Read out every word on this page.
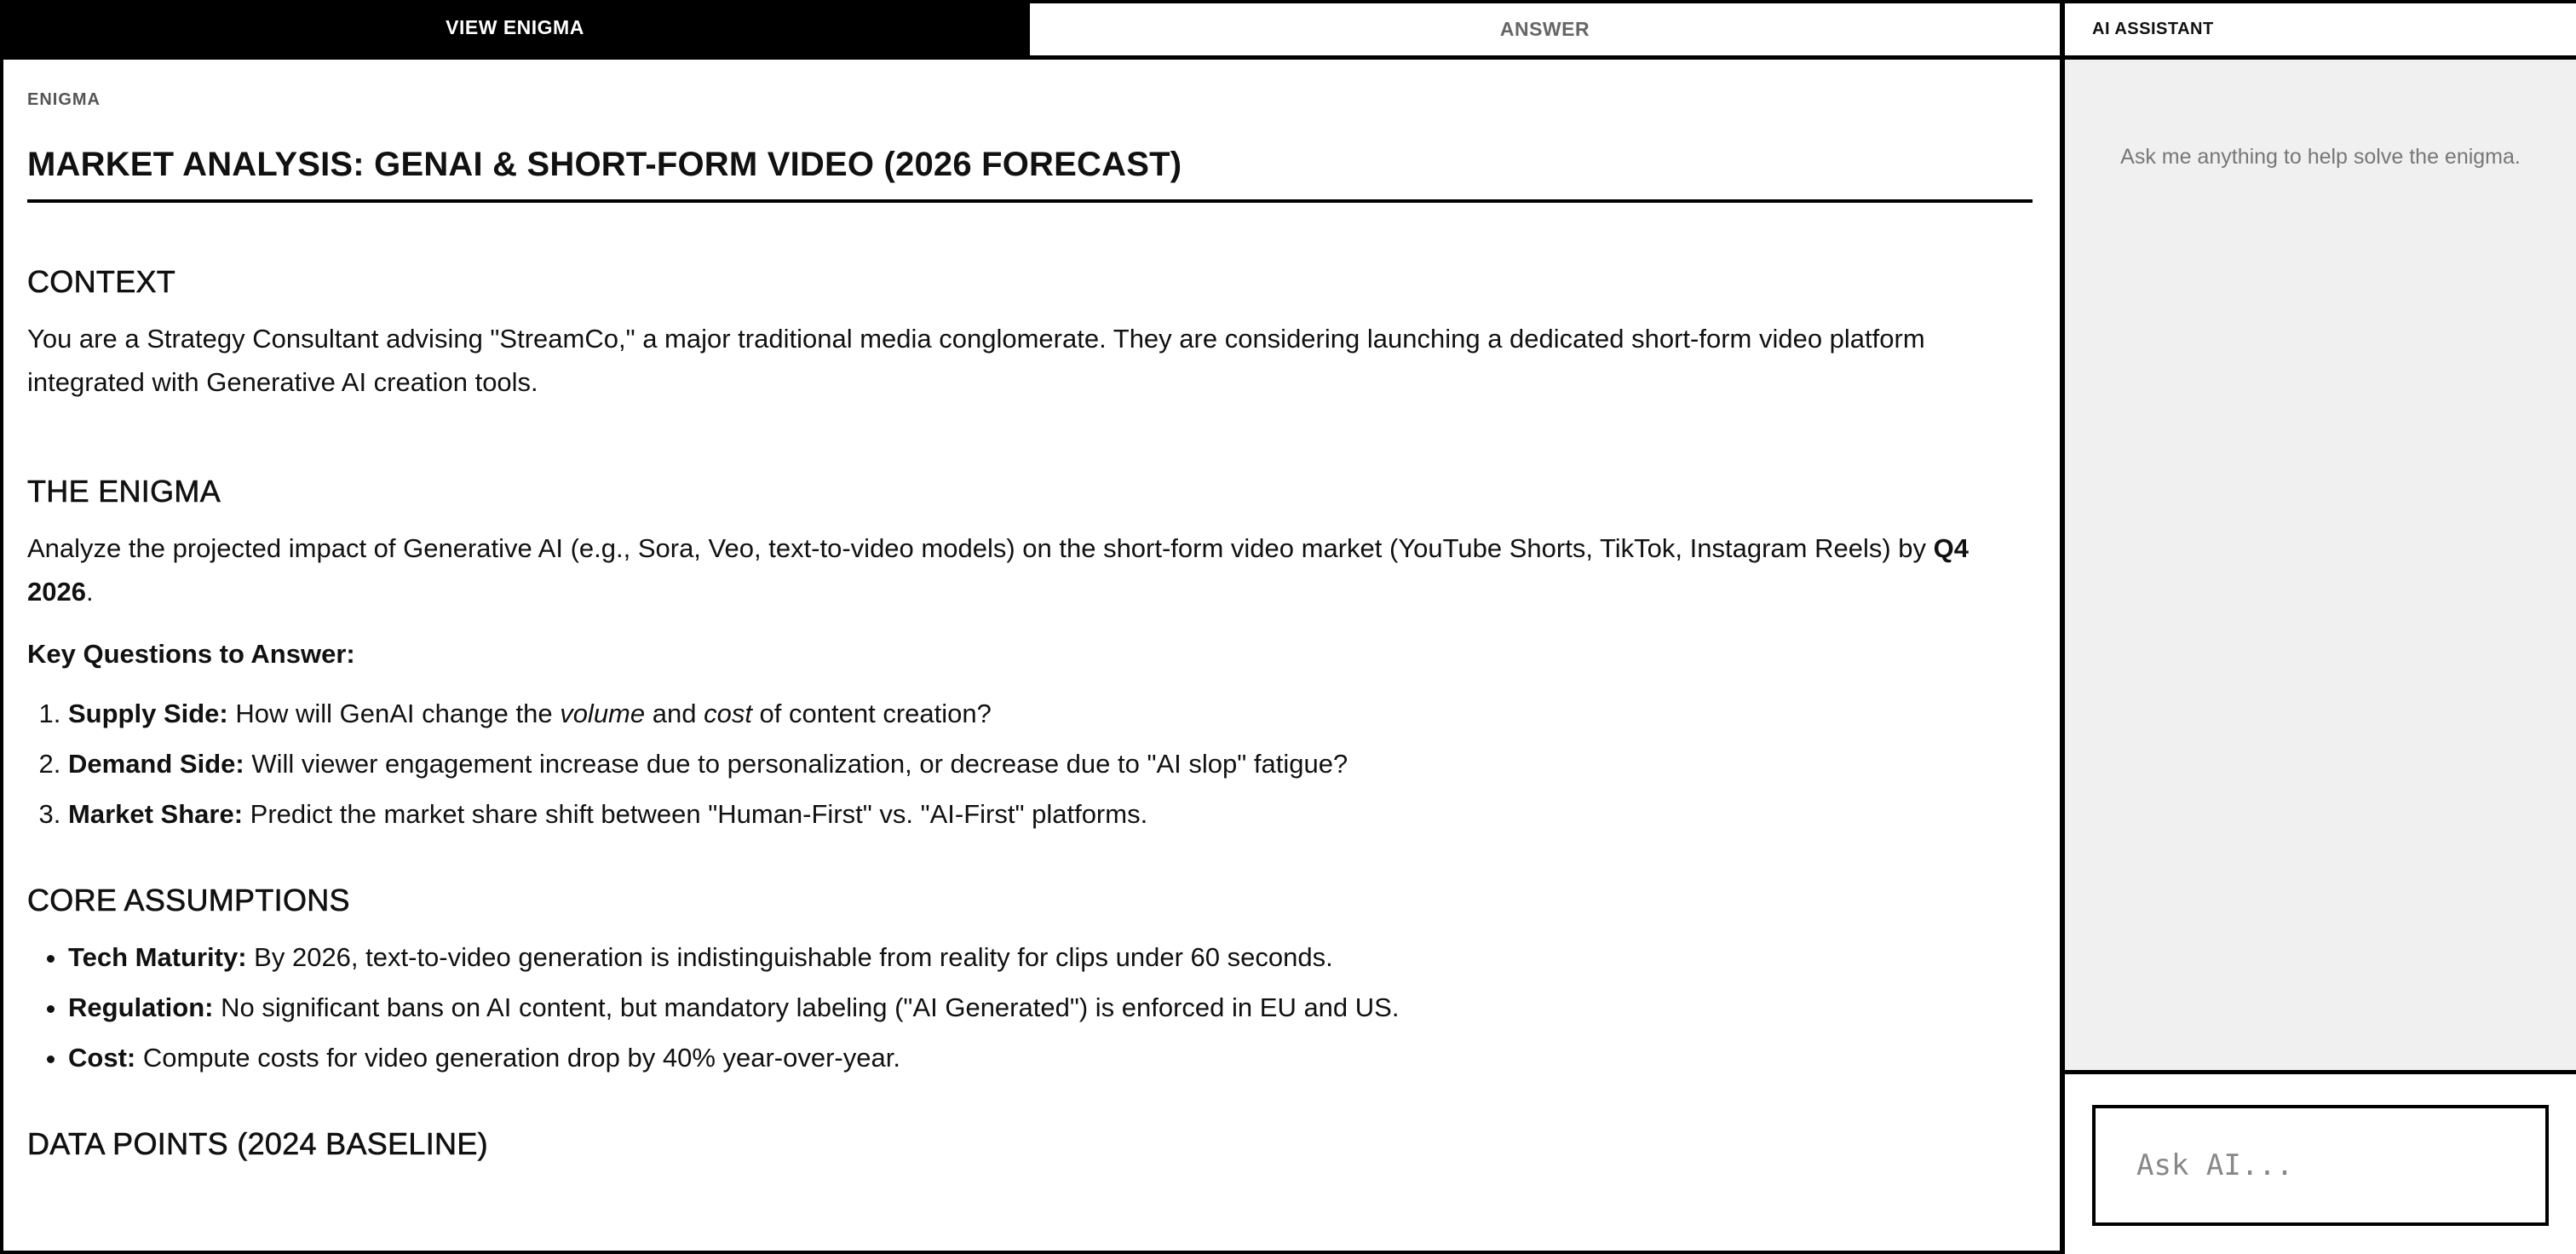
VIEW ENIGMA	ANSWER
ENIGMA
MARKET ANALYSIS: GENAI & SHORT-FORM VIDEO (2026 FORECAST)
CONTEXT

You are a Strategy Consultant advising "StreamCo," a major traditional media conglomerate. They are considering launching a dedicated short-form video platform integrated with Generative AI creation tools.

THE ENIGMA

Analyze the projected impact of Generative AI (e.g., Sora, Veo, text-to-video models) on the short-form video market (YouTube Shorts, TikTok, Instagram Reels) by Q4 2026.

Key Questions to Answer:
1. Supply Side: How will GenAI change the volume and cost of content creation?
2. Demand Side: Will viewer engagement increase due to personalization, or decrease due to "AI slop" fatigue?
3. Market Share: Predict the market share shift between "Human-First" vs. "AI-First" platforms.
CORE ASSUMPTIONS
• Tech Maturity: By 2026, text-to-video generation is indistinguishable from reality for clips under 60 seconds.
• Regulation: No significant bans on AI content, but mandatory labeling ("AI Generated") is enforced in EU and US.
• Cost: Compute costs for video generation drop by 40% year-over-year.
DATA POINTS (2024 BASELINE)
AI ASSISTANT
Ask me anything to help solve the enigma.
Ask AI...
